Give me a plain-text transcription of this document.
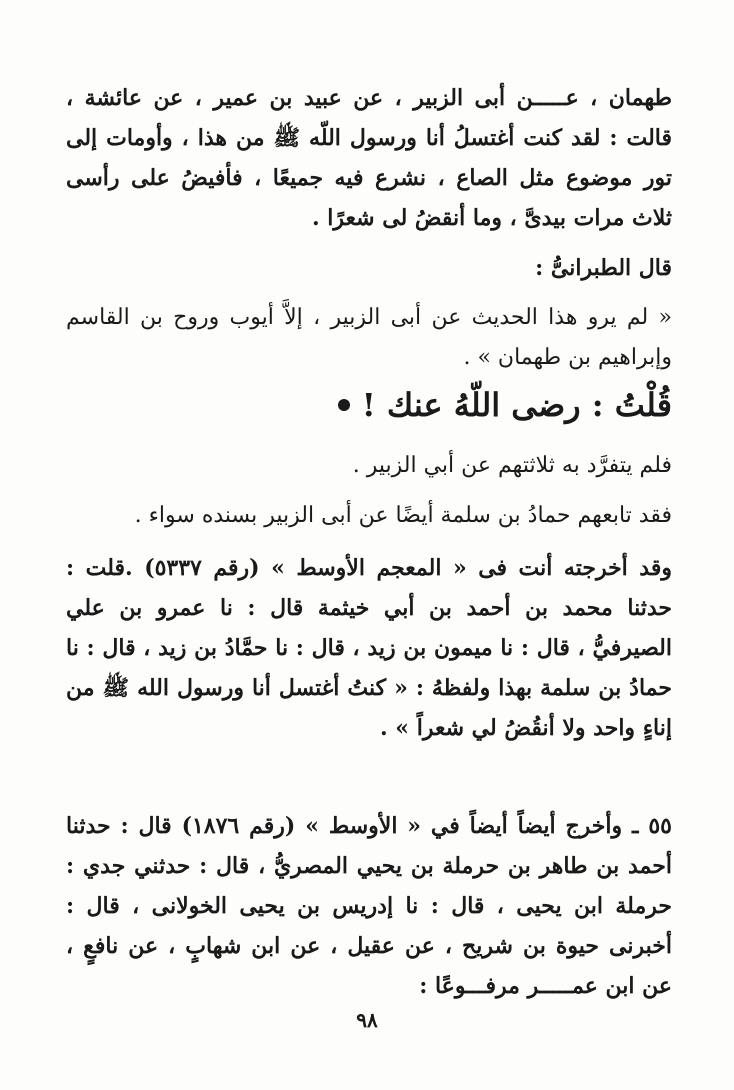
طهمان ، عـــــن أبى الزبير ، عن عبيد بن عمير ، عن عائشة ، قالت : لقد كنت أغتسلُ أنا ورسول اللّه ﷺ من هذا ، وأومات إلى تور موضوع مثل الصاع ، نشرع فيه جميعًا ، فأفيضُ على رأسى ثلاث مرات بيدىَّ ، وما أنقضُ لى شعرًا .
قال الطبرانىُّ :
« لم يرو هذا الحديث عن أبى الزبير ، إلاَّ أيوب وروح بن القاسم وإبراهيم بن طهمان » .
قُلْتُ : رضى اللّهُ عنك !
فلم يتفرَّد به ثلاثتهم عن أبي الزبير .
فقد تابعهم حمادُ بن سلمة أيضًا عن أبى الزبير بسنده سواء .
وقد أخرجته أنت فى « المعجم الأوسط » (رقم ٥٣٣٧) .قلت : حدثنا محمد بن أحمد بن أبي خيثمة قال : نا عمرو بن علي الصيرفيُّ ، قال : نا ميمون بن زيد ، قال : نا حمَّادُ بن زيد ، قال : نا حمادُ بن سلمة بهذا ولفظهُ : « كنتُ أغتسل أنا ورسول الله ﷺ من إناءٍ واحد ولا أنقُضُ لي شعراً » .
٥٥ ـ وأخرج أيضاً أيضاً في « الأوسط » (رقم ١٨٧٦) قال : حدثنا أحمد بن طاهر بن حرملة بن يحيي المصريُّ ، قال : حدثني جدي : حرملة ابن يحيى ، قال : نا إدريس بن يحيى الخولانى ، قال : أخبرنى حيوة بن شريح ، عن عقيل ، عن ابن شهابٍ ، عن نافعٍ ، عن ابن عمـــــر مرفـــوعًا :
٩٨
